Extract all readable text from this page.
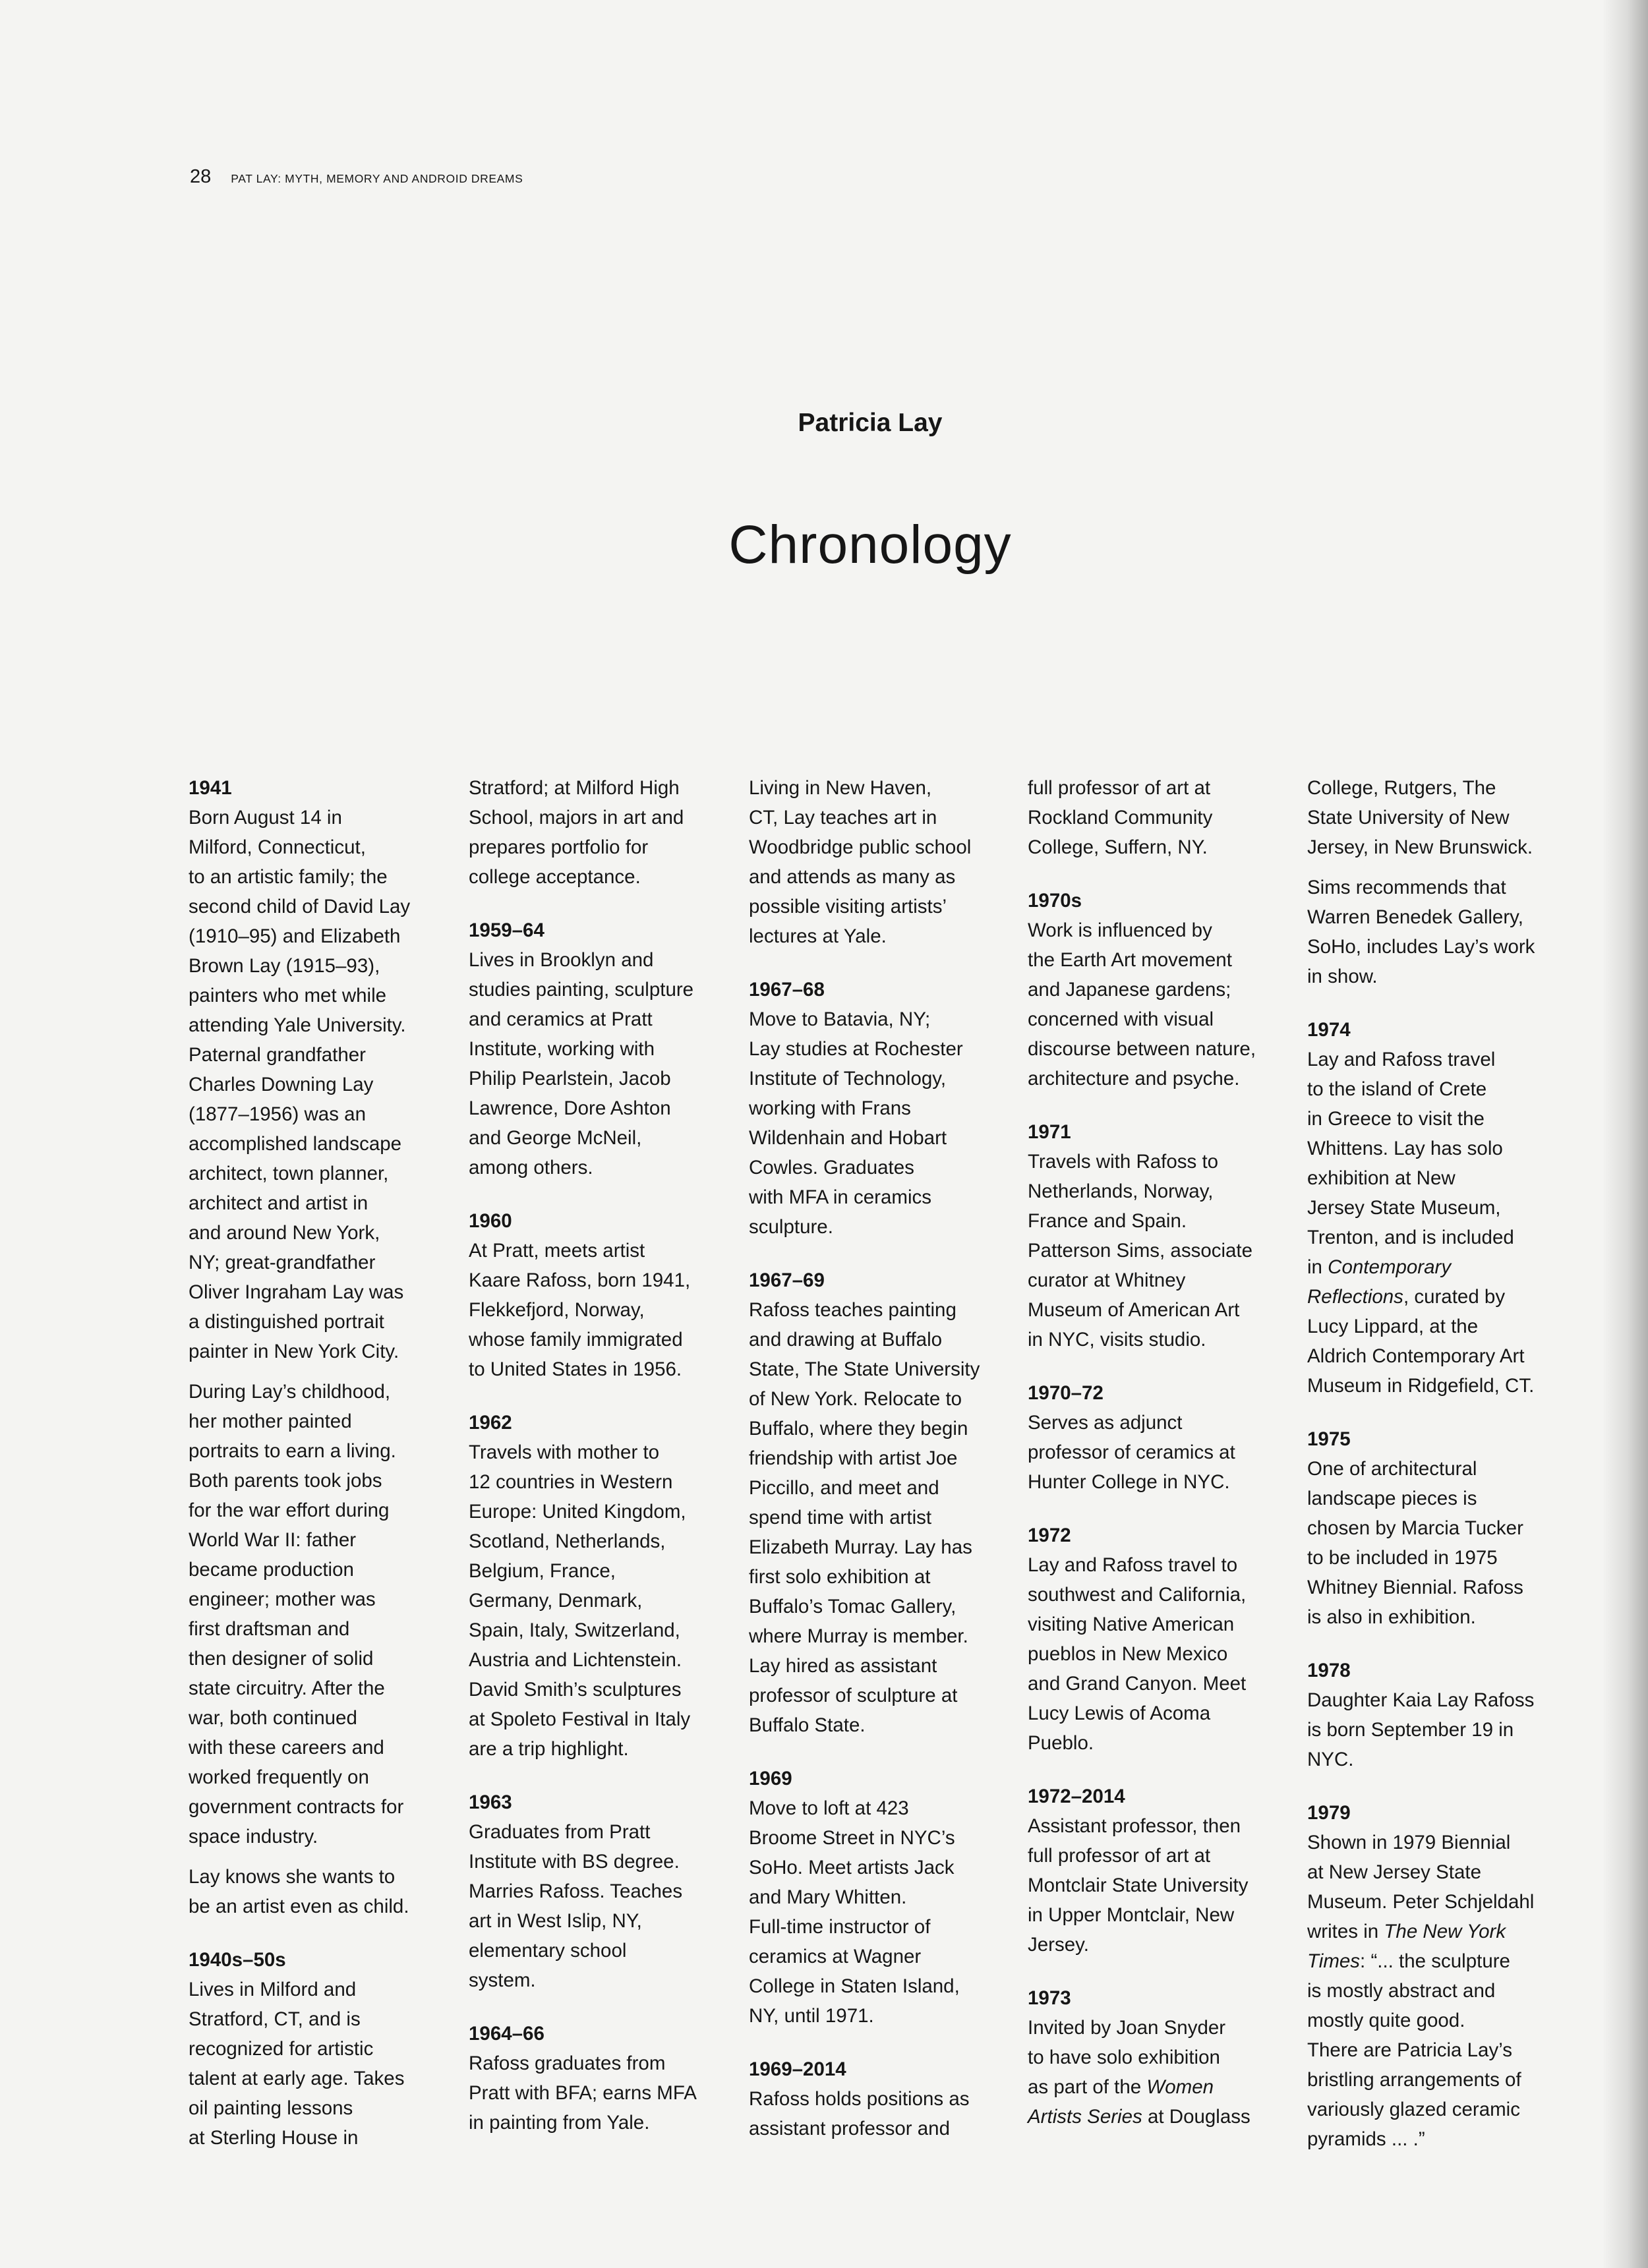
28 PAT LAY: MYTH, MEMORY AND ANDROID DREAMS
Patricia Lay
Chronology
1941

Born August 14 in
Milford, Connecticut,
to an artistic family; the
second child of David Lay
(1910–95) and Elizabeth
Brown Lay (1915–93),
painters who met while
attending Yale University.
Paternal grandfather
Charles Downing Lay
(1877–1956) was an
accomplished landscape
architect, town planner,
architect and artist in
and around New York,
NY; great-grandfather
Oliver Ingraham Lay was
a distinguished portrait
painter in New York City.

During Lay’s childhood,
her mother painted
portraits to earn a living.
Both parents took jobs
for the war effort during
World War II: father
became production
engineer; mother was
first draftsman and
then designer of solid
state circuitry. After the
war, both continued
with these careers and
worked frequently on
government contracts for
space industry.

Lay knows she wants to
be an artist even as child.

1940s–50s

Lives in Milford and
Stratford, CT, and is
recognized for artistic
talent at early age. Takes
oil painting lessons
at Sterling House in

Stratford; at Milford High
School, majors in art and
prepares portfolio for
college acceptance.

1959–64

Lives in Brooklyn and
studies painting, sculpture
and ceramics at Pratt
Institute, working with
Philip Pearlstein, Jacob
Lawrence, Dore Ashton
and George McNeil,
among others.

1960

At Pratt, meets artist
Kaare Rafoss, born 1941,
Flekkefjord, Norway,
whose family immigrated
to United States in 1956.

1962

Travels with mother to
12 countries in Western
Europe: United Kingdom,
Scotland, Netherlands,
Belgium, France,
Germany, Denmark,
Spain, Italy, Switzerland,
Austria and Lichtenstein.
David Smith’s sculptures
at Spoleto Festival in Italy
are a trip highlight.

1963

Graduates from Pratt
Institute with BS degree.
Marries Rafoss. Teaches
art in West Islip, NY,
elementary school
system.

1964–66

Rafoss graduates from
Pratt with BFA; earns MFA
in painting from Yale.

Living in New Haven,
CT, Lay teaches art in
Woodbridge public school
and attends as many as
possible visiting artists’
lectures at Yale.

1967–68

Move to Batavia, NY;
Lay studies at Rochester
Institute of Technology,
working with Frans
Wildenhain and Hobart
Cowles. Graduates
with MFA in ceramics
sculpture.

1967–69

Rafoss teaches painting
and drawing at Buffalo
State, The State University
of New York. Relocate to
Buffalo, where they begin
friendship with artist Joe
Piccillo, and meet and
spend time with artist
Elizabeth Murray. Lay has
first solo exhibition at
Buffalo’s Tomac Gallery,
where Murray is member.
Lay hired as assistant
professor of sculpture at
Buffalo State.

1969

Move to loft at 423
Broome Street in NYC’s
SoHo. Meet artists Jack
and Mary Whitten.
Full-time instructor of
ceramics at Wagner
College in Staten Island,
NY, until 1971.

1969–2014

Rafoss holds positions as
assistant professor and

full professor of art at
Rockland Community
College, Suffern, NY.

1970s

Work is influenced by
the Earth Art movement
and Japanese gardens;
concerned with visual
discourse between nature,
architecture and psyche.

1971

Travels with Rafoss to
Netherlands, Norway,
France and Spain.
Patterson Sims, associate
curator at Whitney
Museum of American Art
in NYC, visits studio.

1970–72

Serves as adjunct
professor of ceramics at
Hunter College in NYC.

1972

Lay and Rafoss travel to
southwest and California,
visiting Native American
pueblos in New Mexico
and Grand Canyon. Meet
Lucy Lewis of Acoma
Pueblo.

1972–2014

Assistant professor, then
full professor of art at
Montclair State University
in Upper Montclair, New
Jersey.

1973

Invited by Joan Snyder
to have solo exhibition
as part of the Women
Artists Series at Douglass

College, Rutgers, The
State University of New
Jersey, in New Brunswick.

Sims recommends that
Warren Benedek Gallery,
SoHo, includes Lay’s work
in show.

1974

Lay and Rafoss travel
to the island of Crete
in Greece to visit the
Whittens. Lay has solo
exhibition at New
Jersey State Museum,
Trenton, and is included
in Contemporary
Reflections, curated by
Lucy Lippard, at the
Aldrich Contemporary Art
Museum in Ridgefield, CT.

1975

One of architectural
landscape pieces is
chosen by Marcia Tucker
to be included in 1975
Whitney Biennial. Rafoss
is also in exhibition.

1978

Daughter Kaia Lay Rafoss
is born September 19 in
NYC.

1979

Shown in 1979 Biennial
at New Jersey State
Museum. Peter Schjeldahl
writes in The New York
Times: “... the sculpture
is mostly abstract and
mostly quite good.
There are Patricia Lay’s
bristling arrangements of
variously glazed ceramic
pyramids ... .”
